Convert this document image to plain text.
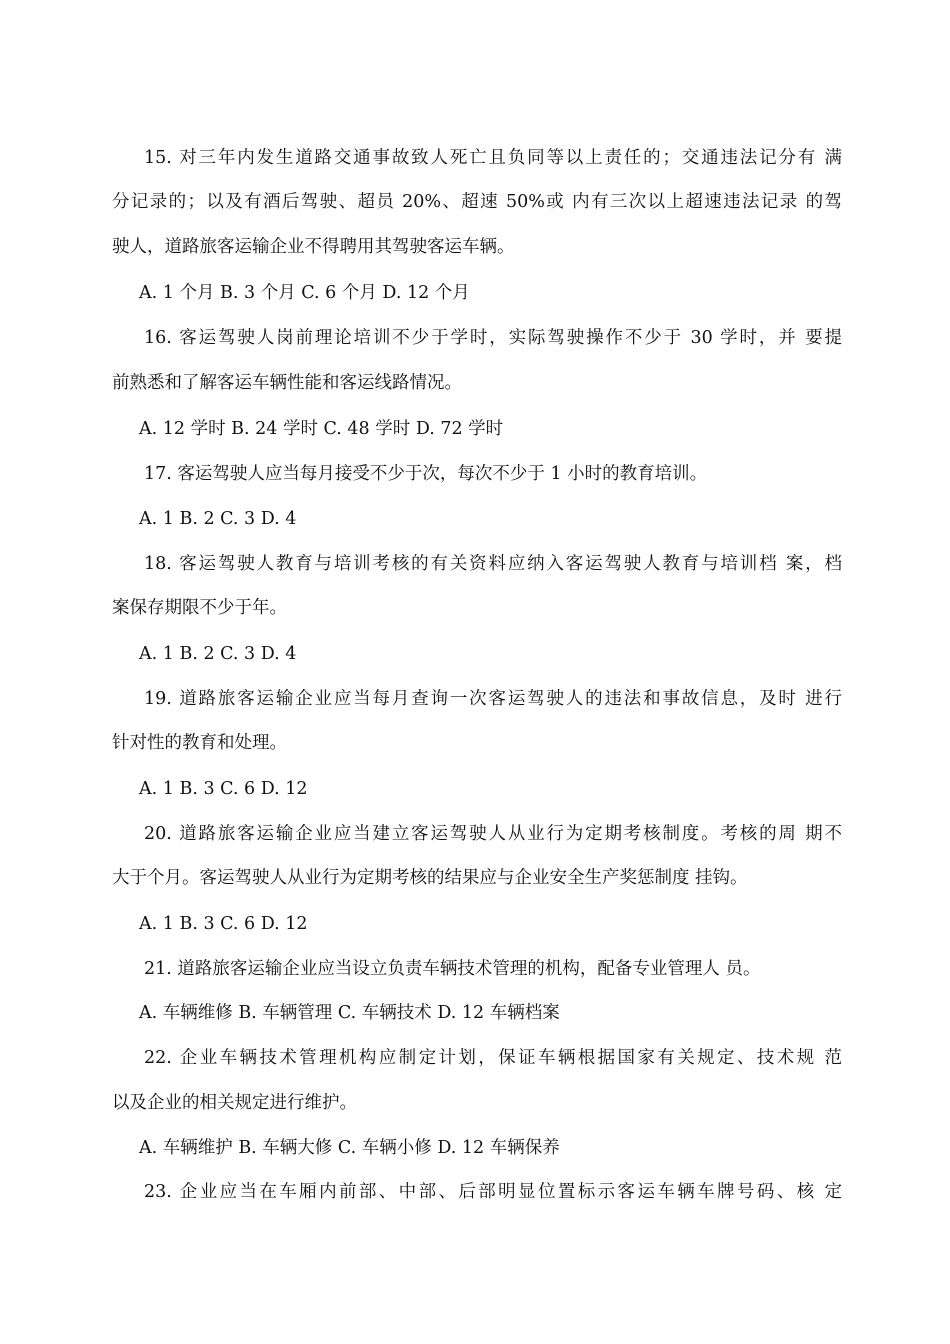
15. 对三年内发生道路交通事故致人死亡且负同等以上责任的；交通违法记分有 满
分记录的；以及有酒后驾驶、超员 20%、超速 50%或 内有三次以上超速违法记录 的驾
驶人，道路旅客运输企业不得聘用其驾驶客运车辆。
A. 1 个月 B. 3 个月 C. 6 个月 D. 12 个月
16. 客运驾驶人岗前理论培训不少于学时，实际驾驶操作不少于 30 学时，并 要提
前熟悉和了解客运车辆性能和客运线路情况。
A. 12 学时 B. 24 学时 C. 48 学时 D. 72 学时
17. 客运驾驶人应当每月接受不少于次，每次不少于 1 小时的教育培训。
A. 1 B. 2 C. 3 D. 4
18. 客运驾驶人教育与培训考核的有关资料应纳入客运驾驶人教育与培训档 案，档
案保存期限不少于年。
A. 1 B. 2 C. 3 D. 4
19. 道路旅客运输企业应当每月查询一次客运驾驶人的违法和事故信息，及时 进行
针对性的教育和处理。
A. 1 B. 3 C. 6 D. 12
20. 道路旅客运输企业应当建立客运驾驶人从业行为定期考核制度。考核的周 期不
大于个月。客运驾驶人从业行为定期考核的结果应与企业安全生产奖惩制度 挂钩。
A. 1 B. 3 C. 6 D. 12
21. 道路旅客运输企业应当设立负责车辆技术管理的机构，配备专业管理人 员。
A. 车辆维修 B. 车辆管理 C. 车辆技术 D. 12 车辆档案
22. 企业车辆技术管理机构应制定计划，保证车辆根据国家有关规定、技术规 范
以及企业的相关规定进行维护。
A. 车辆维护 B. 车辆大修 C. 车辆小修 D. 12 车辆保养
23. 企业应当在车厢内前部、中部、后部明显位置标示客运车辆车牌号码、核 定
